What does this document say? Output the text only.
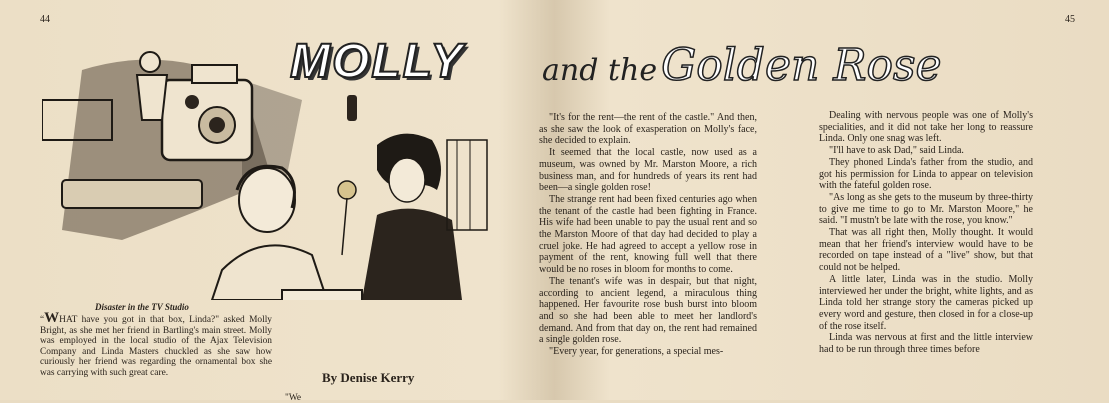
44
MOLLY
Disaster in the TV Studio
“WHAT have you got in that box, Linda?" asked Molly Bright, as she met her friend in Bartling's main street. Molly was employed in the local studio of the Ajax Television Company and Linda Masters chuckled as she saw how curiously her friend was regarding the ornamental box she was carrying with such great care.	By Denise Kerry
"We
45
and the Golden Rose

"It's for the rent—the rent of the castle." And then, as she saw the look of exasperation on Molly's face, she decided to explain.

It seemed that the local castle, now used as a museum, was owned by Mr. Marston Moore, a rich business man, and for hundreds of years its rent had been—a single golden rose!

The strange rent had been fixed centuries ago when the tenant of the castle had been fighting in France. His wife had been unable to pay the usual rent and so the Marston Moore of that day had decided to play a cruel joke. He had agreed to accept a yellow rose in payment of the rent, knowing full well that there would be no roses in bloom for months to come.

The tenant's wife was in despair, but that night, according to ancient legend, a miraculous thing happened. Her favourite rose bush burst into bloom and so she had been able to meet her landlord's demand. And from that day on, the rent had remained a single golden rose.

"Every year, for generations, a special mes-

Dealing with nervous people was one of Molly's specialities, and it did not take her long to reassure Linda. Only one snag was left.

"I'll have to ask Dad," said Linda.

They phoned Linda's father from the studio, and got his permission for Linda to appear on television with the fateful golden rose.

"As long as she gets to the museum by three-thirty to give me time to go to Mr. Marston Moore," he said. "I mustn't be late with the rose, you know."

That was all right then, Molly thought. It would mean that her friend's interview would have to be recorded on tape instead of a "live" show, but that could not be helped.

A little later, Linda was in the studio. Molly interviewed her under the bright, white lights, and as Linda told her strange story the cameras picked up every word and gesture, then closed in for a close-up of the rose itself.

Linda was nervous at first and the little interview had to be run through three times before
